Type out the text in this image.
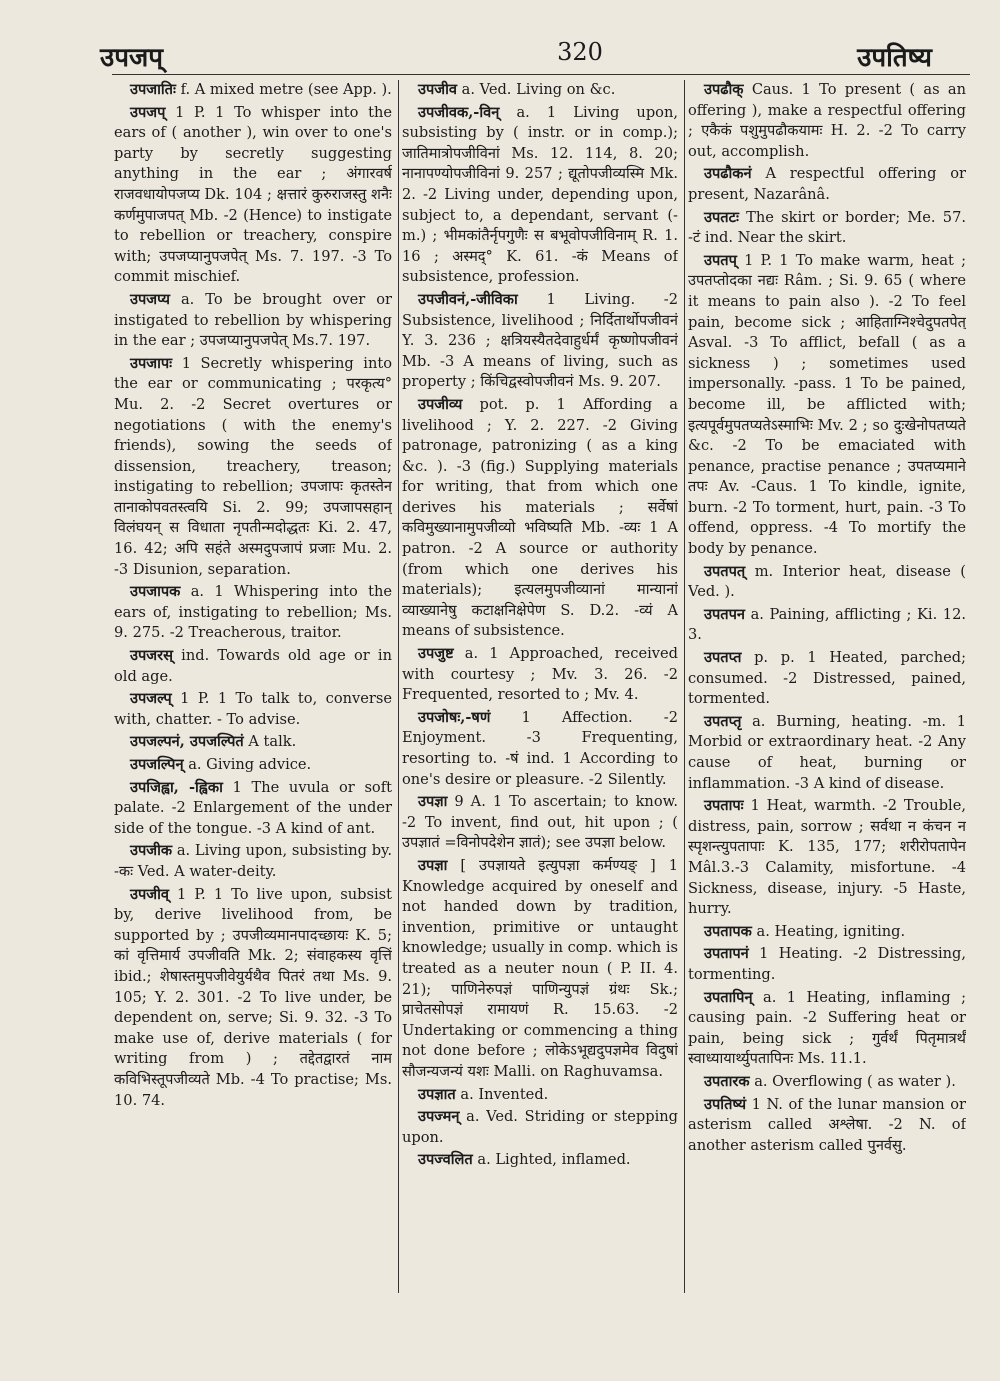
उपजप्	320	उपतिष्य

उपजातिः f. A mixed metre (see App. ).

उपजप् 1 P. 1 To whisper into the ears of ( another ), win over to one's party by secretly suggesting anything in the ear ; अंगारवर्ष राजवधायोपजप्य Dk. 104 ; क्षत्तारं कुरुराजस्तु शनैः कर्णमुपाजपत् Mb. -2 (Hence) to instigate to rebellion or treachery, conspire with; उपजप्यानुपजपेत् Ms. 7. 197. -3 To commit mischief.

उपजप्य a. To be brought over or instigated to rebellion by whispering in the ear ; उपजप्यानुपजपेत् Ms.7. 197.

उपजापः 1 Secretly whispering into the ear or communicating ; परकृत्य° Mu. 2. -2 Secret overtures or negotiations ( with the enemy's friends), sowing the seeds of dissension, treachery, treason; instigating to rebellion; उपजापः कृतस्तेन तानाकोपवतस्त्वयि Si. 2. 99; उपजापसहान् विलंघयन् स विधाता नृपतीन्मदोद्धतः Ki. 2. 47, 16. 42; अपि सहंते अस्मदुपजापं प्रजाः Mu. 2. -3 Disunion, separation.

उपजापक a. 1 Whispering into the ears of, instigating to rebellion; Ms. 9. 275. -2 Treacherous, traitor.

उपजरस् ind. Towards old age or in old age.

उपजल्प् 1 P. 1 To talk to, converse with, chatter. - To advise.

उपजल्पनं, उपजल्पितं A talk.

उपजल्पिन् a. Giving advice.

उपजिह्वा, -ह्विका 1 The uvula or soft palate. -2 Enlargement of the under side of the tongue. -3 A kind of ant.

उपजीक a. Living upon, subsisting by. -कः Ved. A water-deity.

उपजीव् 1 P. 1 To live upon, subsist by, derive livelihood from, be supported by ; उपजीव्यमानपादच्छायः K. 5; कां वृत्तिमार्य उपजीवति Mk. 2; संवाहकस्य वृत्तिं ibid.; शेषास्तमुपजीवेयुर्यथैव पितरं तथा Ms. 9. 105; Y. 2. 301. -2 To live under, be dependent on, serve; Si. 9. 32. -3 To make use of, derive materials ( for writing from ) ; तद्देतद्वारतं नाम कविभिस्तूपजीव्यते Mb. -4 To practise; Ms. 10. 74.

उपजीव a. Ved. Living on &c.

उपजीवक,-विन् a. 1 Living upon, subsisting by ( instr. or in comp.); जातिमात्रोपजीविनां Ms. 12. 114, 8. 20; नानापण्योपजीविनां 9. 257 ; द्यूतोपजीव्यस्मि Mk. 2. -2 Living under, depending upon, subject to, a dependant, servant (-m.) ; भीमकांतैर्नृपगुणैः स बभूवोपजीविनाम् R. 1. 16 ; अस्मद्° K. 61. -कं Means of subsistence, profession.

उपजीवनं,-जीविका 1 Living. -2 Subsistence, livelihood ; निर्दितार्थोपजीवनं Y. 3. 236 ; क्षत्रियस्यैतदेवाहुर्धर्मं कृष्णोपजीवनं Mb. -3 A means of living, such as property ; किंचिद्वस्वोपजीवनं Ms. 9. 207.

उपजीव्य pot. p. 1 Affording a livelihood ; Y. 2. 227. -2 Giving patronage, patronizing ( as a king &c. ). -3 (fig.) Supplying materials for writing, that from which one derives his materials ; सर्वेषां कविमुख्यानामुपजीव्यो भविष्यति Mb. -व्यः 1 A patron. -2 A source or authority (from which one derives his materials); इत्यलमुपजीव्यानां मान्यानां व्याख्यानेषु कटाक्षनिक्षेपेण S. D.2. -व्यं A means of subsistence.

उपजुष्ट a. 1 Approached, received with courtesy ; Mv. 3. 26. -2 Frequented, resorted to ; Mv. 4.

उपजोषः,-षणं 1 Affection. -2 Enjoyment. -3 Frequenting, resorting to. -षं ind. 1 According to one's desire or pleasure. -2 Silently.

उपज्ञा 9 A. 1 To ascertain; to know. -2 To invent, find out, hit upon ; ( उपज्ञातं =विनोपदेशेन ज्ञातं); see उपज्ञा below.

उपज्ञा [ उपज्ञायते इत्युपज्ञा कर्मण्यङ् ] 1 Knowledge acquired by oneself and not handed down by tradition, invention, primitive or untaught knowledge; usually in comp. which is treated as a neuter noun ( P. II. 4. 21); पाणिनेरुपज्ञं पाणिन्युपज्ञं ग्रंथः Sk.; प्राचेतसोपज्ञं रामायणं R. 15.63. -2 Undertaking or commencing a thing not done before ; लोकेऽभूद्यदुपज्ञमेव विदुषां सौजन्यजन्यं यशः Malli. on Raghuvamsa.

उपज्ञात a. Invented.

उपज्मन् a. Ved. Striding or stepping upon.

उपज्वलित a. Lighted, inflamed.

उपढौक् Caus. 1 To present ( as an offering ), make a respectful offering ; एकैकं पशुमुपढौकयामः H. 2. -2 To carry out, accomplish.

उपढौकनं A respectful offering or present, Nazarânâ.

उपतटः The skirt or border; Me. 57. -टं ind. Near the skirt.

उपतप् 1 P. 1 To make warm, heat ; उपतप्तोदका नद्यः Râm. ; Si. 9. 65 ( where it means to pain also ). -2 To feel pain, become sick ; आहिताग्निश्चेदुपतपेत् Asval. -3 To afflict, befall ( as a sickness ) ; sometimes used impersonally. -pass. 1 To be pained, become ill, be afflicted with; इत्यपूर्वमुपतप्यतेऽस्माभिः Mv. 2 ; so दुःखेनोपतप्यते &c. -2 To be emaciated with penance, practise penance ; उपतप्यमाने तपः Av. -Caus. 1 To kindle, ignite, burn. -2 To torment, hurt, pain. -3 To offend, oppress. -4 To mortify the body by penance.

उपतपत् m. Interior heat, disease ( Ved. ).

उपतपन a. Paining, afflicting ; Ki. 12. 3.

उपतप्त p. p. 1 Heated, parched; consumed. -2 Distressed, pained, tormented.

उपतप्तृ a. Burning, heating. -m. 1 Morbid or extraordinary heat. -2 Any cause of heat, burning or inflammation. -3 A kind of disease.

उपतापः 1 Heat, warmth. -2 Trouble, distress, pain, sorrow ; सर्वथा न कंचन न स्पृशन्त्युपतापाः K. 135, 177; शरीरोपतापेन Mâl.3.-3 Calamity, misfortune. -4 Sickness, disease, injury. -5 Haste, hurry.

उपतापक a. Heating, igniting.

उपतापनं 1 Heating. -2 Distressing, tormenting.

उपतापिन् a. 1 Heating, inflaming ; causing pain. -2 Suffering heat or pain, being sick ; गुर्वर्थं पितृमात्रर्थं स्वाध्यायार्थ्युपतापिनः Ms. 11.1.

उपतारक a. Overflowing ( as water ).

उपतिष्यं 1 N. of the lunar mansion or asterism called अश्लेषा. -2 N. of another asterism called पुनर्वसु.
